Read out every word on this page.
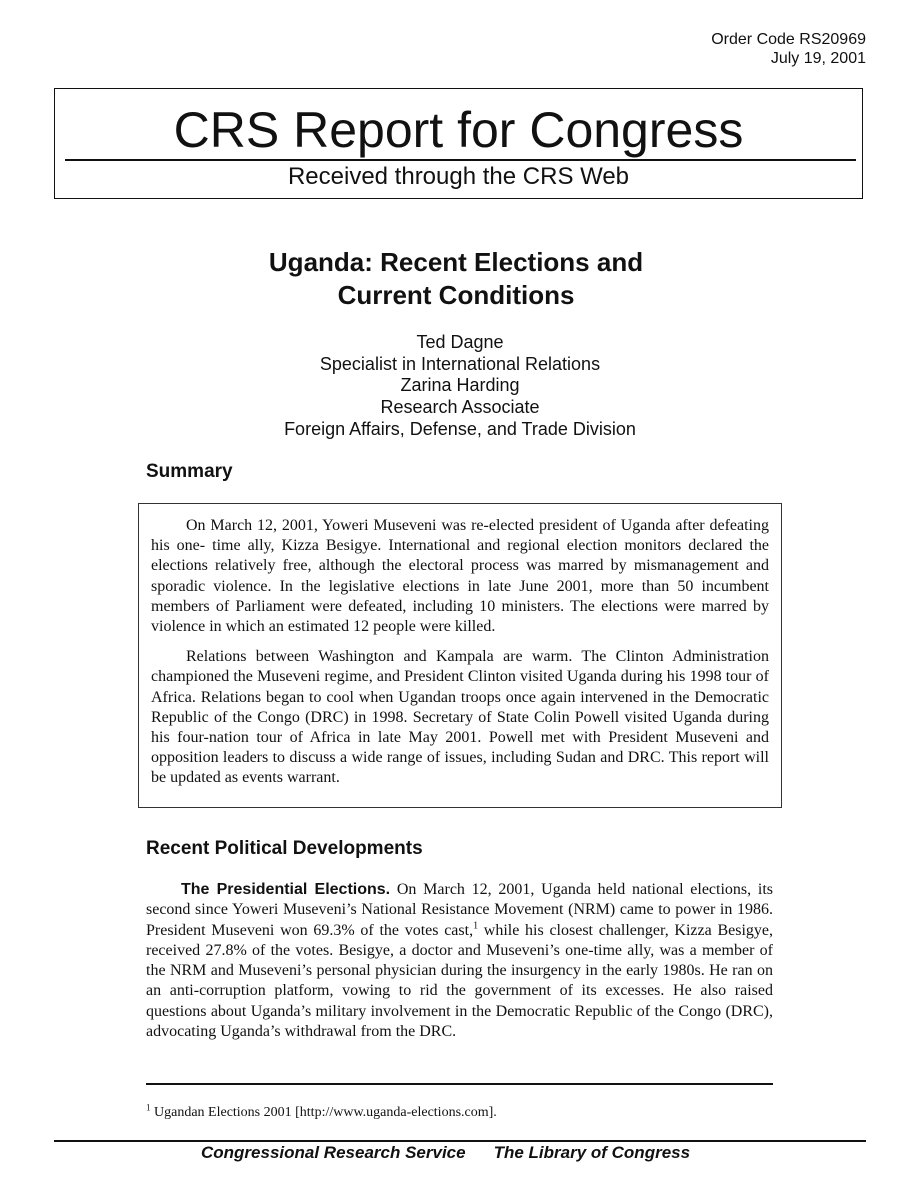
Order Code RS20969
July 19, 2001
CRS Report for Congress
Received through the CRS Web
Uganda: Recent Elections and
Current Conditions
Ted Dagne
Specialist in International Relations
Zarina Harding
Research Associate
Foreign Affairs, Defense, and Trade Division
Summary

On March 12, 2001, Yoweri Museveni was re-elected president of Uganda after defeating his one- time ally, Kizza Besigye. International and regional election monitors declared the elections relatively free, although the electoral process was marred by mismanagement and sporadic violence. In the legislative elections in late June 2001, more than 50 incumbent members of Parliament were defeated, including 10 ministers. The elections were marred by violence in which an estimated 12 people were killed.

Relations between Washington and Kampala are warm. The Clinton Administration championed the Museveni regime, and President Clinton visited Uganda during his 1998 tour of Africa. Relations began to cool when Ugandan troops once again intervened in the Democratic Republic of the Congo (DRC) in 1998. Secretary of State Colin Powell visited Uganda during his four-nation tour of Africa in late May 2001. Powell met with President Museveni and opposition leaders to discuss a wide range of issues, including Sudan and DRC. This report will be updated as events warrant.

Recent Political Developments

The Presidential Elections. On March 12, 2001, Uganda held national elections, its second since Yoweri Museveni’s National Resistance Movement (NRM) came to power in 1986. President Museveni won 69.3% of the votes cast,$^1$ while his closest challenger, Kizza Besigye, received 27.8% of the votes. Besigye, a doctor and Museveni’s one-time ally, was a member of the NRM and Museveni’s personal physician during the insurgency in the early 1980s. He ran on an anti-corruption platform, vowing to rid the government of its excesses. He also raised questions about Uganda’s military involvement in the Democratic Republic of the Congo (DRC), advocating Uganda’s withdrawal from the DRC.

$^1$ Ugandan Elections 2001 [http://www.uganda-elections.com].
Congressional Research Service The Library of Congress
